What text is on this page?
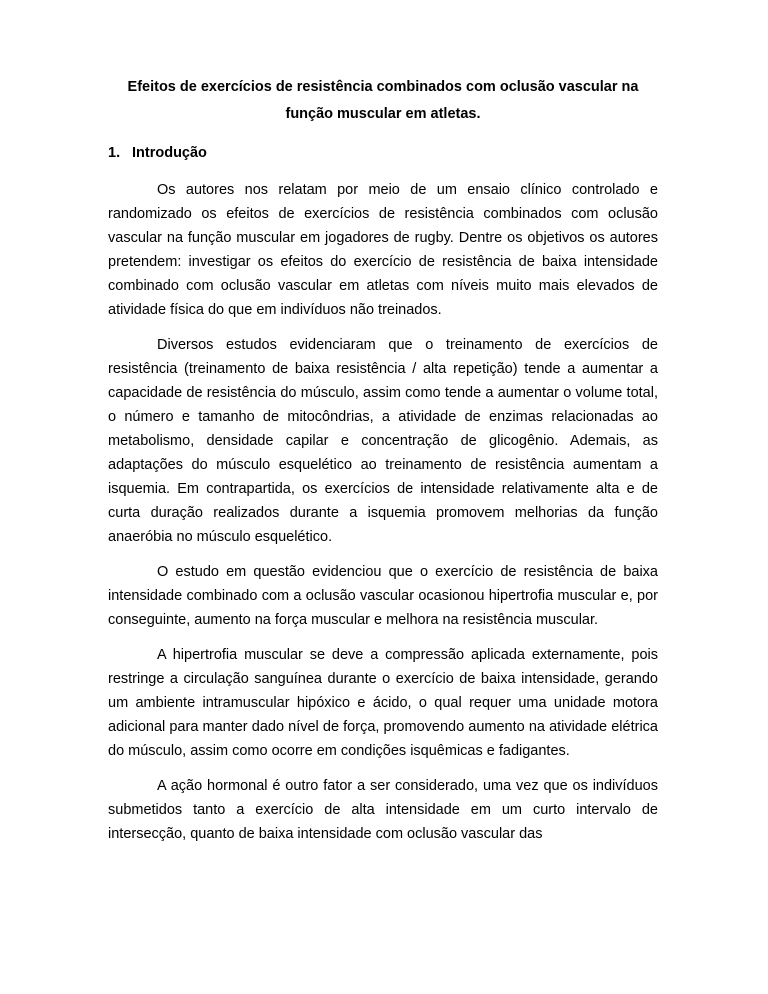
Efeitos de exercícios de resistência combinados com oclusão vascular na função muscular em atletas.
1. Introdução

Os autores nos relatam por meio de um ensaio clínico controlado e randomizado os efeitos de exercícios de resistência combinados com oclusão vascular na função muscular em jogadores de rugby. Dentre os objetivos os autores pretendem: investigar os efeitos do exercício de resistência de baixa intensidade combinado com oclusão vascular em atletas com níveis muito mais elevados de atividade física do que em indivíduos não treinados.

Diversos estudos evidenciaram que o treinamento de exercícios de resistência (treinamento de baixa resistência / alta repetição) tende a aumentar a capacidade de resistência do músculo, assim como tende a aumentar o volume total, o número e tamanho de mitocôndrias, a atividade de enzimas relacionadas ao metabolismo, densidade capilar e concentração de glicogênio. Ademais, as adaptações do músculo esquelético ao treinamento de resistência aumentam a isquemia. Em contrapartida, os exercícios de intensidade relativamente alta e de curta duração realizados durante a isquemia promovem melhorias da função anaeróbia no músculo esquelético.

O estudo em questão evidenciou que o exercício de resistência de baixa intensidade combinado com a oclusão vascular ocasionou hipertrofia muscular e, por conseguinte, aumento na força muscular e melhora na resistência muscular.

A hipertrofia muscular se deve a compressão aplicada externamente, pois restringe a circulação sanguínea durante o exercício de baixa intensidade, gerando um ambiente intramuscular hipóxico e ácido, o qual requer uma unidade motora adicional para manter dado nível de força, promovendo aumento na atividade elétrica do músculo, assim como ocorre em condições isquêmicas e fadigantes.

A ação hormonal é outro fator a ser considerado, uma vez que os indivíduos submetidos tanto a exercício de alta intensidade em um curto intervalo de intersecção, quanto de baixa intensidade com oclusão vascular das
